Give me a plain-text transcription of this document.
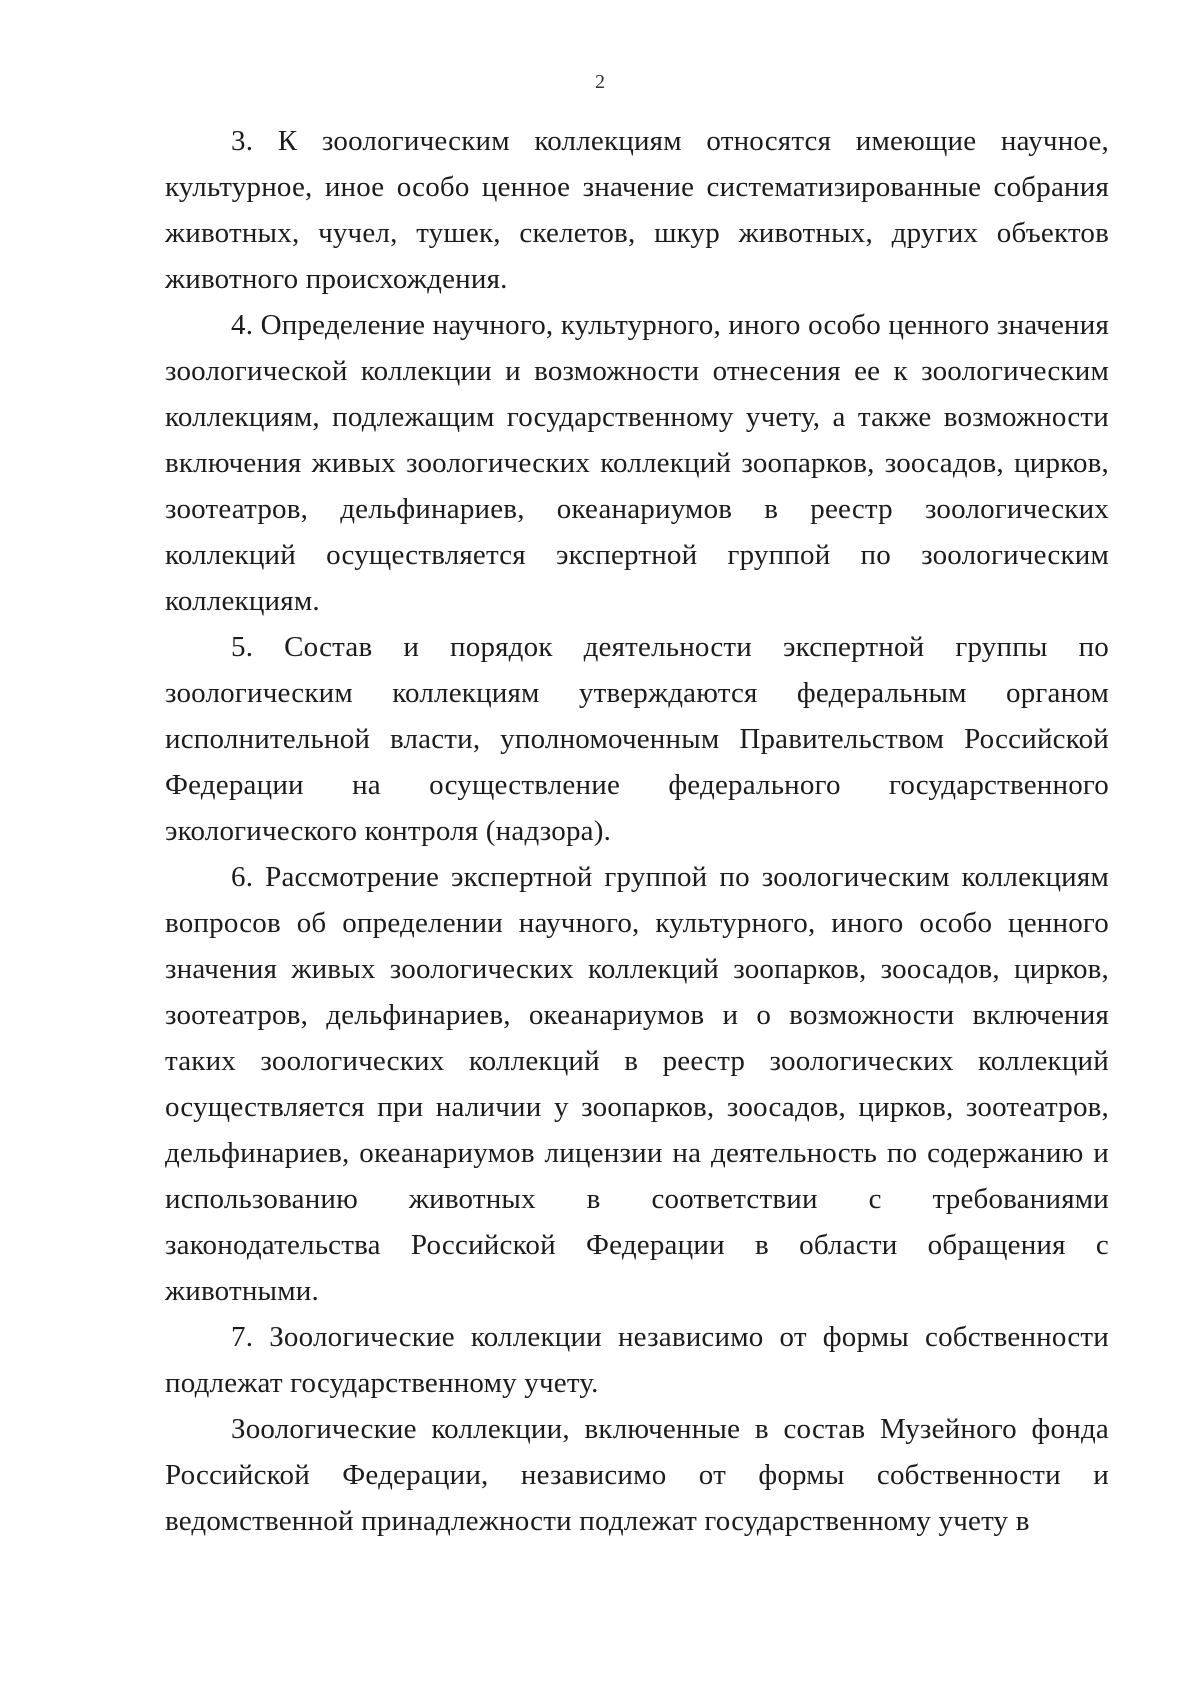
2

3. К зоологическим коллекциям относятся имеющие научное, культурное, иное особо ценное значение систематизированные собрания животных, чучел, тушек, скелетов, шкур животных, других объектов животного происхождения.

4. Определение научного, культурного, иного особо ценного значения зоологической коллекции и возможности отнесения ее к зоологическим коллекциям, подлежащим государственному учету, а также возможности включения живых зоологических коллекций зоопарков, зоосадов, цирков, зоотеатров, дельфинариев, океанариумов в реестр зоологических коллекций осуществляется экспертной группой по зоологическим коллекциям.

5. Состав и порядок деятельности экспертной группы по зоологическим коллекциям утверждаются федеральным органом исполнительной власти, уполномоченным Правительством Российской Федерации на осуществление федерального государственного экологического контроля (надзора).

6. Рассмотрение экспертной группой по зоологическим коллекциям вопросов об определении научного, культурного, иного особо ценного значения живых зоологических коллекций зоопарков, зоосадов, цирков, зоотеатров, дельфинариев, океанариумов и о возможности включения таких зоологических коллекций в реестр зоологических коллекций осуществляется при наличии у зоопарков, зоосадов, цирков, зоотеатров, дельфинариев, океанариумов лицензии на деятельность по содержанию и использованию животных в соответствии с требованиями законодательства Российской Федерации в области обращения с животными.

7. Зоологические коллекции независимо от формы собственности подлежат государственному учету.

Зоологические коллекции, включенные в состав Музейного фонда Российской Федерации, независимо от формы собственности и ведомственной принадлежности подлежат государственному учету в
